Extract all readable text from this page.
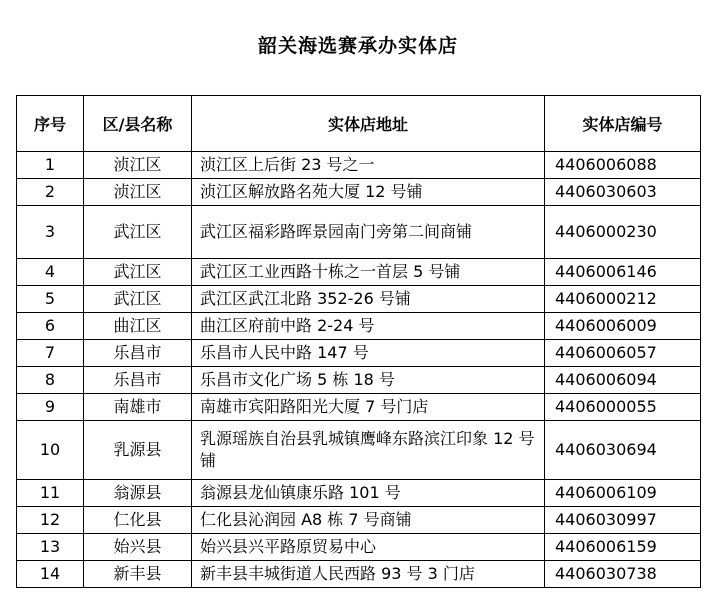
韶关海选赛承办实体店
序号	区/县名称	实体店地址	实体店编号
1	浈江区	浈江区上后街 23 号之一	4406006088
2	浈江区	浈江区解放路名苑大厦 12 号铺	4406030603
3	武江区	武江区福彩路晖景园南门旁第二间商铺	4406000230
4	武江区	武江区工业西路十栋之一首层 5 号铺	4406006146
5	武江区	武江区武江北路 352-26 号铺	4406000212
6	曲江区	曲江区府前中路 2-24 号	4406006009
7	乐昌市	乐昌市人民中路 147 号	4406006057
8	乐昌市	乐昌市文化广场 5 栋 18 号	4406006094
9	南雄市	南雄市宾阳路阳光大厦 7 号门店	4406000055
10	乳源县	乳源瑶族自治县乳城镇鹰峰东路滨江印象 12 号铺	4406030694
11	翁源县	翁源县龙仙镇康乐路 101 号	4406006109
12	仁化县	仁化县沁润园 A8 栋 7 号商铺	4406030997
13	始兴县	始兴县兴平路原贸易中心	4406006159
14	新丰县	新丰县丰城街道人民西路 93 号 3 门店	4406030738
